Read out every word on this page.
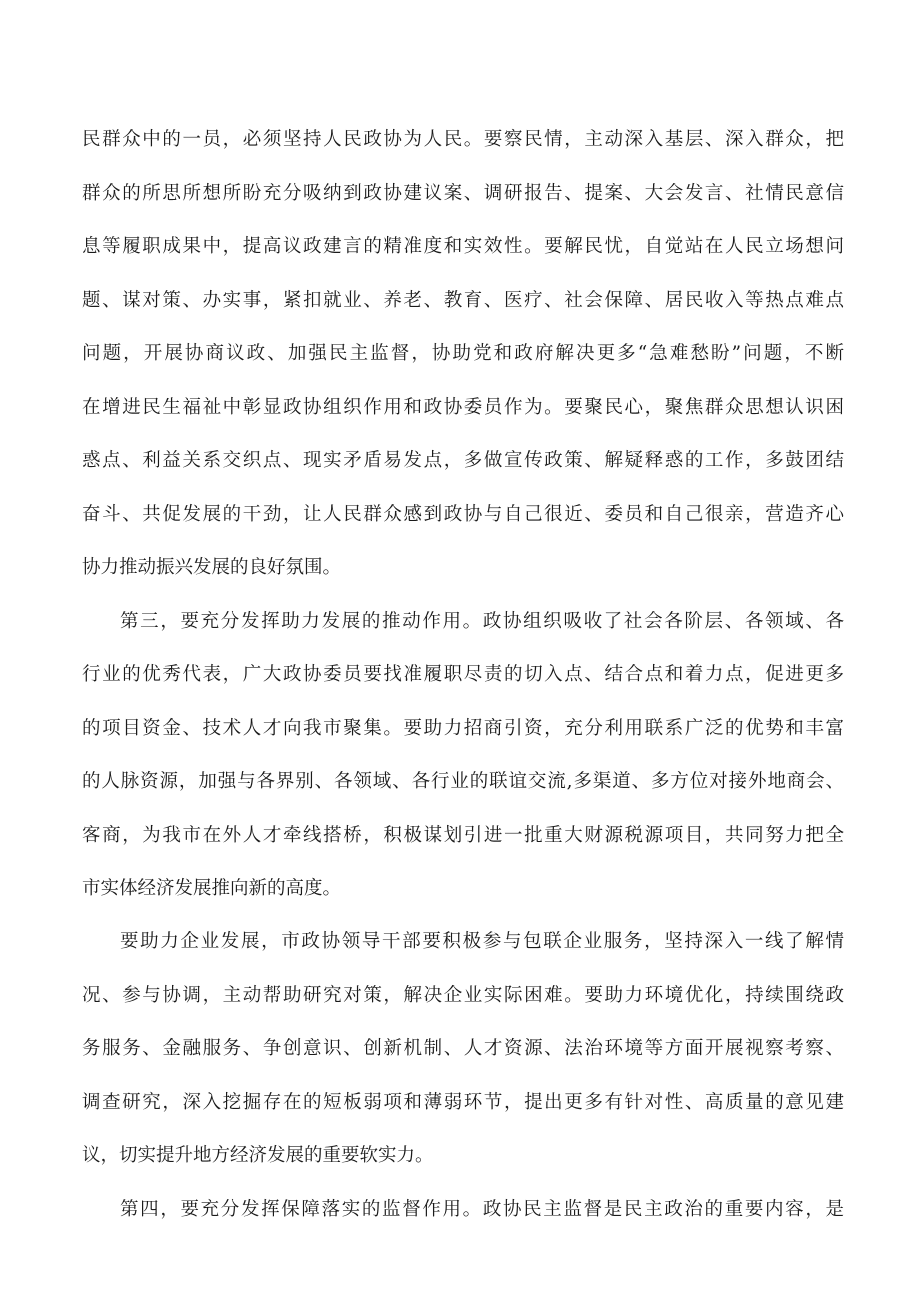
民群众中的一员，必须坚持人民政协为人民。要察民情，主动深入基层、深入群众，把
群众的所思所想所盼充分吸纳到政协建议案、调研报告、提案、大会发言、社情民意信
息等履职成果中，提高议政建言的精准度和实效性。要解民忧，自觉站在人民立场想问
题、谋对策、办实事，紧扣就业、养老、教育、医疗、社会保障、居民收入等热点难点
问题，开展协商议政、加强民主监督，协助党和政府解决更多“急难愁盼”问题，不断
在增进民生福祉中彰显政协组织作用和政协委员作为。要聚民心，聚焦群众思想认识困
惑点、利益关系交织点、现实矛盾易发点，多做宣传政策、解疑释惑的工作，多鼓团结
奋斗、共促发展的干劲，让人民群众感到政协与自己很近、委员和自己很亲，营造齐心
协力推动振兴发展的良好氛围。
第三，要充分发挥助力发展的推动作用。政协组织吸收了社会各阶层、各领域、各
行业的优秀代表，广大政协委员要找准履职尽责的切入点、结合点和着力点，促进更多
的项目资金、技术人才向我市聚集。要助力招商引资，充分利用联系广泛的优势和丰富
的人脉资源，加强与各界别、各领域、各行业的联谊交流,多渠道、多方位对接外地商会、
客商，为我市在外人才牵线搭桥，积极谋划引进一批重大财源税源项目，共同努力把全
市实体经济发展推向新的高度。
要助力企业发展，市政协领导干部要积极参与包联企业服务，坚持深入一线了解情
况、参与协调，主动帮助研究对策，解决企业实际困难。要助力环境优化，持续围绕政
务服务、金融服务、争创意识、创新机制、人才资源、法治环境等方面开展视察考察、
调查研究，深入挖掘存在的短板弱项和薄弱环节，提出更多有针对性、高质量的意见建
议，切实提升地方经济发展的重要软实力。
第四，要充分发挥保障落实的监督作用。政协民主监督是民主政治的重要内容，是
